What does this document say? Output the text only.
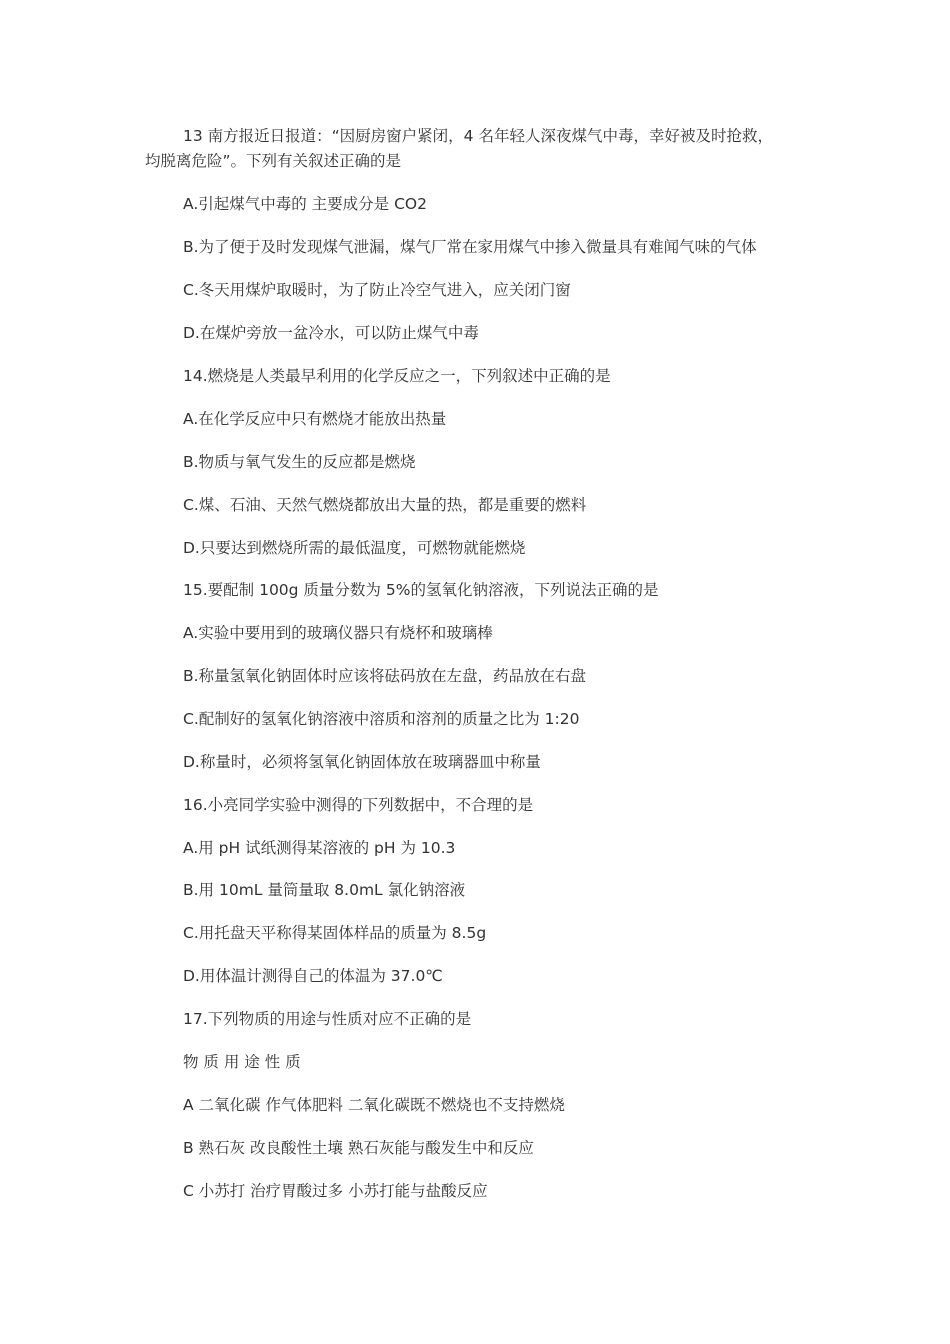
13 南方报近日报道：“因厨房窗户紧闭，4 名年轻人深夜煤气中毒，幸好被及时抢救，
均脱离危险”。下列有关叙述正确的是
A.引起煤气中毒的 主要成分是 CO2
B.为了便于及时发现煤气泄漏，煤气厂常在家用煤气中掺入微量具有难闻气味的气体
C.冬天用煤炉取暖时，为了防止冷空气进入，应关闭门窗
D.在煤炉旁放一盆冷水，可以防止煤气中毒
14.燃烧是人类最早利用的化学反应之一，下列叙述中正确的是
A.在化学反应中只有燃烧才能放出热量
B.物质与氧气发生的反应都是燃烧
C.煤、石油、天然气燃烧都放出大量的热，都是重要的燃料
D.只要达到燃烧所需的最低温度，可燃物就能燃烧
15.要配制 100g 质量分数为 5%的氢氧化钠溶液，下列说法正确的是
A.实验中要用到的玻璃仪器只有烧杯和玻璃棒
B.称量氢氧化钠固体时应该将砝码放在左盘，药品放在右盘
C.配制好的氢氧化钠溶液中溶质和溶剂的质量之比为 1:20
D.称量时，必须将氢氧化钠固体放在玻璃器皿中称量
16.小亮同学实验中测得的下列数据中，不合理的是
A.用 pH 试纸测得某溶液的 pH 为 10.3
B.用 10mL 量筒量取 8.0mL 氯化钠溶液
C.用托盘天平称得某固体样品的质量为 8.5g
D.用体温计测得自己的体温为 37.0℃
17.下列物质的用途与性质对应不正确的是
物 质 用 途 性 质
A 二氧化碳 作气体肥料 二氧化碳既不燃烧也不支持燃烧
B 熟石灰 改良酸性土壤 熟石灰能与酸发生中和反应
C 小苏打 治疗胃酸过多 小苏打能与盐酸反应
